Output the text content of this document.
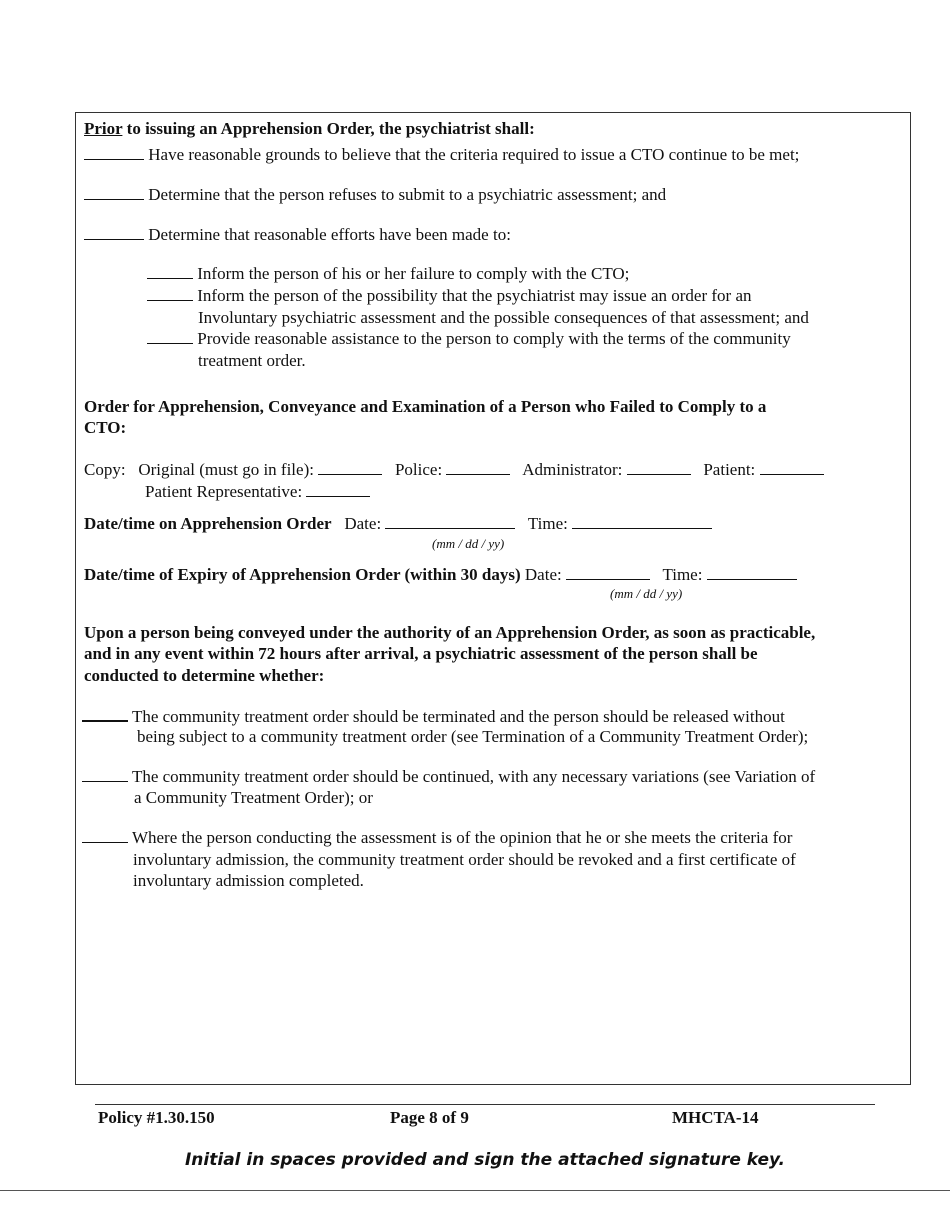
Prior to issuing an Apprehension Order, the psychiatrist shall:
Have reasonable grounds to believe that the criteria required to issue a CTO continue to be met;
Determine that the person refuses to submit to a psychiatric assessment; and
Determine that reasonable efforts have been made to:
Inform the person of his or her failure to comply with the CTO;
Inform the person of the possibility that the psychiatrist may issue an order for an
Involuntary psychiatric assessment and the possible consequences of that assessment; and
Provide reasonable assistance to the person to comply with the terms of the community
treatment order.
Order for Apprehension, Conveyance and Examination of a Person who Failed to Comply to a
CTO:
Copy: Original (must go in file):	Police:	Administrator:	Patient:
Patient Representative:
Date/time on Apprehension Order Date:	Time:
(mm / dd / yy)
Date/time of Expiry of Apprehension Order (within 30 days) Date:	Time:
(mm / dd / yy)
Upon a person being conveyed under the authority of an Apprehension Order, as soon as practicable,
and in any event within 72 hours after arrival, a psychiatric assessment of the person shall be
conducted to determine whether:
The community treatment order should be terminated and the person should be released without
being subject to a community treatment order (see Termination of a Community Treatment Order);
The community treatment order should be continued, with any necessary variations (see Variation of
a Community Treatment Order); or
Where the person conducting the assessment is of the opinion that he or she meets the criteria for
involuntary admission, the community treatment order should be revoked and a first certificate of
involuntary admission completed.
Policy #1.30.150	Page 8 of 9	MHCTA-14
Initial in spaces provided and sign the attached signature key.
